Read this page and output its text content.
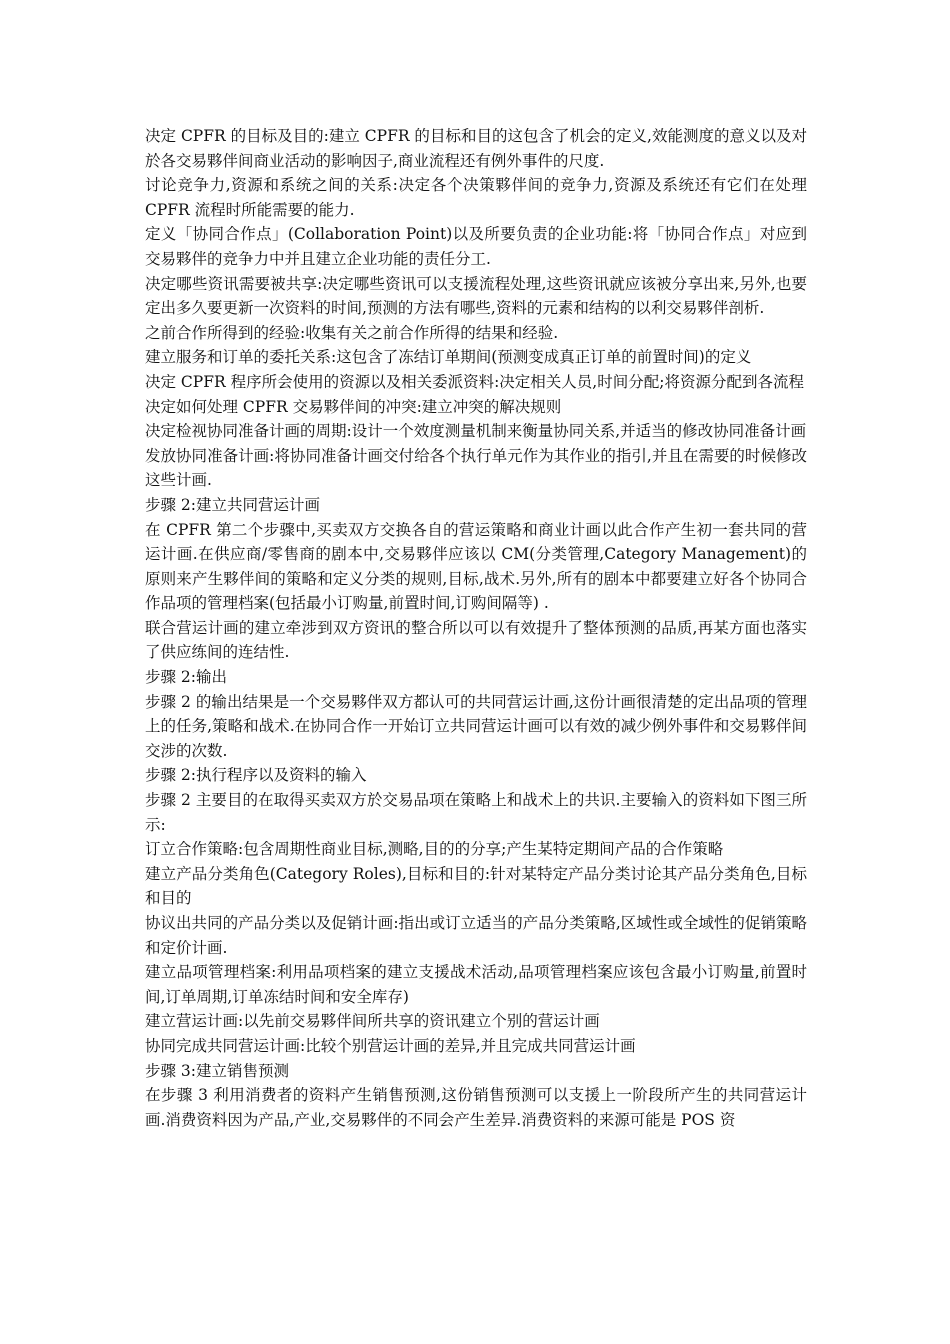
决定 CPFR 的目标及目的:建立 CPFR 的目标和目的这包含了机会的定义,效能测度的意义以及对於各交易夥伴间商业活动的影响因子,商业流程还有例外事件的尺度.

讨论竞争力,资源和系统之间的关系:决定各个决策夥伴间的竞争力,资源及系统还有它们在处理 CPFR 流程时所能需要的能力.

定义「协同合作点」(Collaboration Point)以及所要负责的企业功能:将「协同合作点」对应到交易夥伴的竞争力中并且建立企业功能的责任分工.

决定哪些资讯需要被共享:决定哪些资讯可以支援流程处理,这些资讯就应该被分享出来,另外,也要定出多久要更新一次资料的时间,预测的方法有哪些,资料的元素和结构的以利交易夥伴剖析.

之前合作所得到的经验:收集有关之前合作所得的结果和经验.

建立服务和订单的委托关系:这包含了冻结订单期间(预测变成真正订单的前置时间)的定义

决定 CPFR 程序所会使用的资源以及相关委派资料:决定相关人员,时间分配;将资源分配到各流程

决定如何处理 CPFR 交易夥伴间的冲突:建立冲突的解决规则

决定检视协同准备计画的周期:设计一个效度测量机制来衡量协同关系,并适当的修改协同准备计画

发放协同准备计画:将协同准备计画交付给各个执行单元作为其作业的指引,并且在需要的时候修改这些计画.

步骤 2:建立共同营运计画

在 CPFR 第二个步骤中,买卖双方交换各自的营运策略和商业计画以此合作产生初一套共同的营运计画.在供应商/零售商的剧本中,交易夥伴应该以 CM(分类管理,Category Management)的原则来产生夥伴间的策略和定义分类的规则,目标,战术.另外,所有的剧本中都要建立好各个协同合作品项的管理档案(包括最小订购量,前置时间,订购间隔等) .

联合营运计画的建立牵涉到双方资讯的整合所以可以有效提升了整体预测的品质,再某方面也落实了供应练间的连结性.

步骤 2:输出

步骤 2 的输出结果是一个交易夥伴双方都认可的共同营运计画,这份计画很清楚的定出品项的管理上的任务,策略和战术.在协同合作一开始订立共同营运计画可以有效的减少例外事件和交易夥伴间交涉的次数.

步骤 2:执行程序以及资料的输入

步骤 2 主要目的在取得买卖双方於交易品项在策略上和战术上的共识.主要输入的资料如下图三所示:

订立合作策略:包含周期性商业目标,测略,目的的分享;产生某特定期间产品的合作策略

建立产品分类角色(Category Roles),目标和目的:针对某特定产品分类讨论其产品分类角色,目标和目的

协议出共同的产品分类以及促销计画:指出或订立适当的产品分类策略,区域性或全域性的促销策略和定价计画.

建立品项管理档案:利用品项档案的建立支援战术活动,品项管理档案应该包含最小订购量,前置时间,订单周期,订单冻结时间和安全库存)

建立营运计画:以先前交易夥伴间所共享的资讯建立个别的营运计画

协同完成共同营运计画:比较个别营运计画的差异,并且完成共同营运计画

步骤 3:建立销售预测

在步骤 3 利用消费者的资料产生销售预测,这份销售预测可以支援上一阶段所产生的共同营运计画.消费资料因为产品,产业,交易夥伴的不同会产生差异.消费资料的来源可能是 POS 资
